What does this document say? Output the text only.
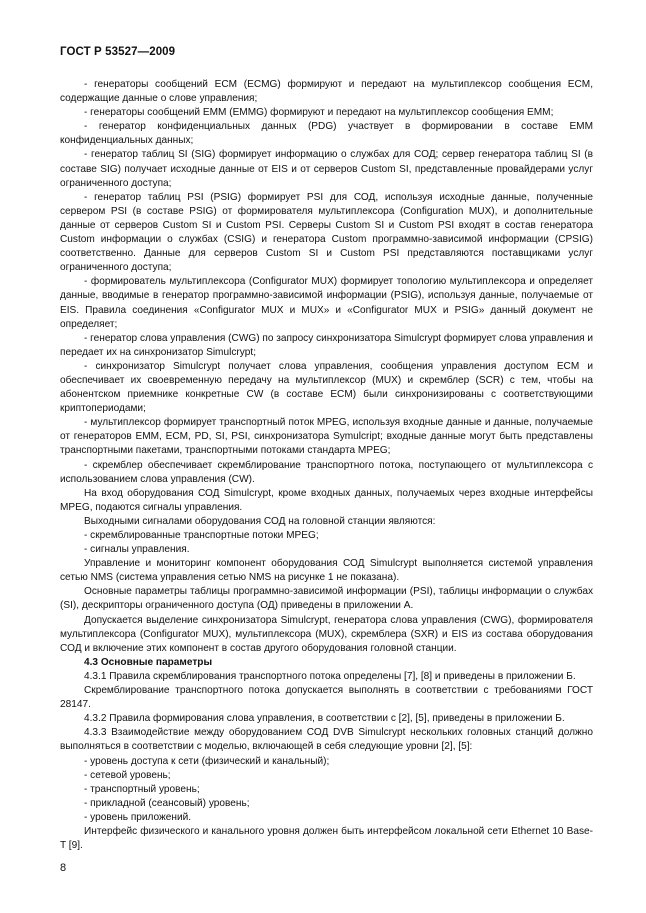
ГОСТ Р 53527—2009

- генераторы сообщений ECM (ECMG) формируют и передают на мультиплексор сообщения ECM, содержащие данные о слове управления;

- генераторы сообщений EMM (EMMG) формируют и передают на мультиплексор сообщения EMM;

- генератор конфиденциальных данных (PDG) участвует в формировании в составе EMM конфиденциальных данных;

- генератор таблиц SI (SIG) формирует информацию о службах для СОД; сервер генератора таблиц SI (в составе SIG) получает исходные данные от EIS и от серверов Custom SI, представленные провайдерами услуг ограниченного доступа;

- генератор таблиц PSI (PSIG) формирует PSI для СОД, используя исходные данные, полученные сервером PSI (в составе PSIG) от формирователя мультиплексора (Configuration MUX), и дополнительные данные от серверов Custom SI и Custom PSI. Серверы Custom SI и Custom PSI входят в состав генератора Custom информации о службах (CSIG) и генератора Custom программно-зависимой информации (CPSIG) соответственно. Данные для серверов Custom SI и Custom PSI представляются поставщиками услуг ограниченного доступа;

- формирователь мультиплексора (Configurator MUX) формирует топологию мультиплексора и определяет данные, вводимые в генератор программно-зависимой информации (PSIG), используя данные, получаемые от EIS. Правила соединения «Configurator MUX и MUX» и «Configurator MUX и PSIG» данный документ не определяет;

- генератор слова управления (CWG) по запросу синхронизатора Simulcrypt формирует слова управления и передает их на синхронизатор Simulcrypt;

- синхронизатор Simulcrypt получает слова управления, сообщения управления доступом ECM и обеспечивает их своевременную передачу на мультиплексор (MUX) и скремблер (SCR) с тем, чтобы на абонентском приемнике конкретные CW (в составе ECM) были синхронизированы с соответствующими криптопериодами;

- мультиплексор формирует транспортный поток MPEG, используя входные данные и данные, получаемые от генераторов EMM, ECM, PD, SI, PSI, синхронизатора Symulcript; входные данные могут быть представлены транспортными пакетами, транспортными потоками стандарта MPEG;

- скремблер обеспечивает скремблирование транспортного потока, поступающего от мультиплексора с использованием слова управления (CW).

На вход оборудования СОД Simulcrypt, кроме входных данных, получаемых через входные интерфейсы MPEG, подаются сигналы управления.

Выходными сигналами оборудования СОД на головной станции являются:

- скремблированные транспортные потоки MPEG;

- сигналы управления.

Управление и мониторинг компонент оборудования СОД Simulcrypt выполняется системой управления сетью NMS (система управления сетью NMS на рисунке 1 не показана).

Основные параметры таблицы программно-зависимой информации (PSI), таблицы информации о службах (SI), дескрипторы ограниченного доступа (ОД) приведены в приложении А.

Допускается выделение синхронизатора Simulcrypt, генератора слова управления (CWG), формирователя мультиплексора (Configurator MUX), мультиплексора (MUX), скремблера (SXR) и EIS из состава оборудования СОД и включение этих компонент в состав другого оборудования головной станции.

4.3 Основные параметры

4.3.1 Правила скремблирования транспортного потока определены [7], [8] и приведены в приложении Б.

Скремблирование транспортного потока допускается выполнять в соответствии с требованиями ГОСТ 28147.

4.3.2 Правила формирования слова управления, в соответствии с [2], [5], приведены в приложении Б.

4.3.3 Взаимодействие между оборудованием СОД DVB Simulcrypt нескольких головных станций должно выполняться в соответствии с моделью, включающей в себя следующие уровни [2], [5]:

- уровень доступа к сети (физический и канальный);

- сетевой уровень;

- транспортный уровень;

- прикладной (сеансовый) уровень;

- уровень приложений.

Интерфейс физического и канального уровня должен быть интерфейсом локальной сети Ethernet 10 Base-T [9].

8
